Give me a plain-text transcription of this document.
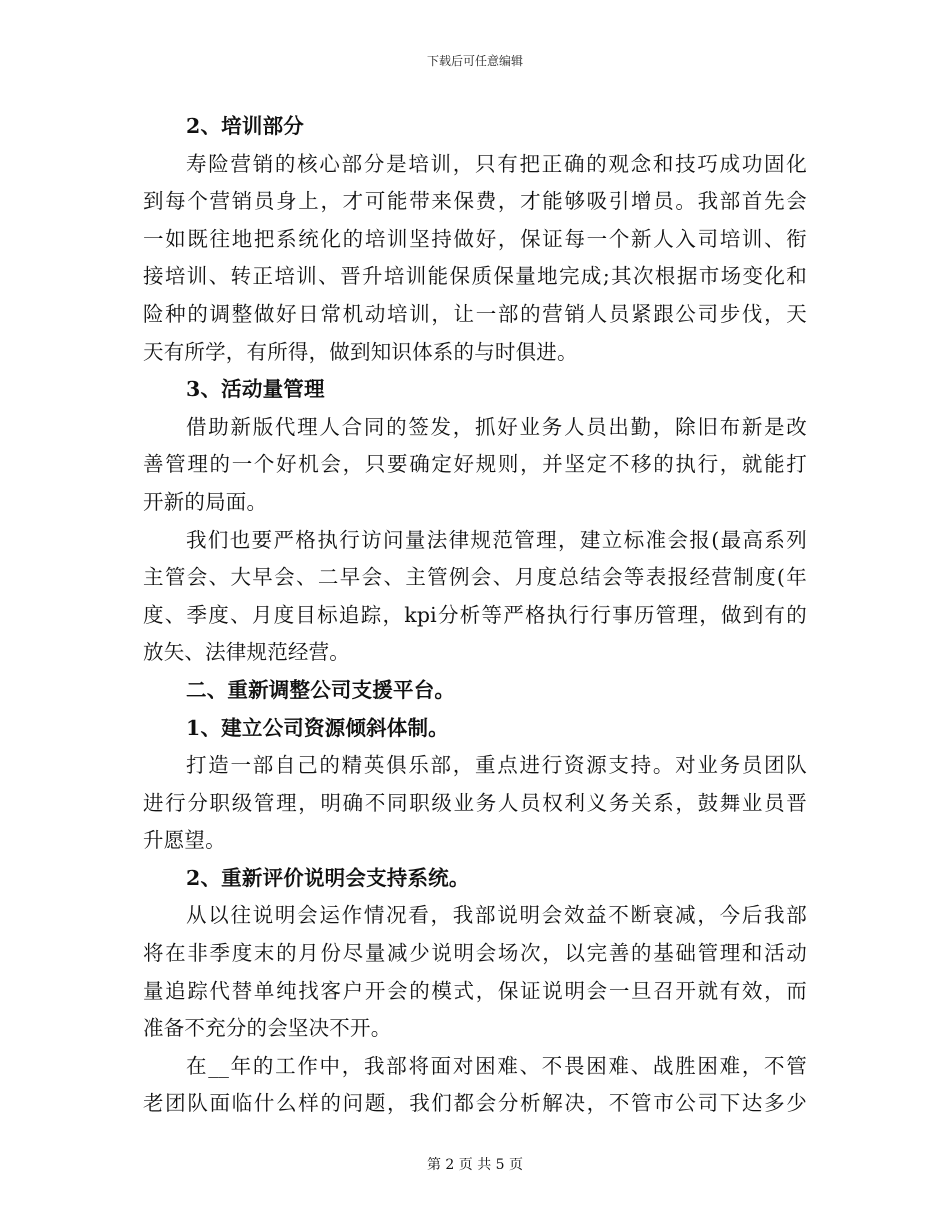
下载后可任意编辑
2、培训部分
寿险营销的核心部分是培训，只有把正确的观念和技巧成功固化
到每个营销员身上，才可能带来保费，才能够吸引增员。我部首先会
一如既往地把系统化的培训坚持做好，保证每一个新人入司培训、衔
接培训、转正培训、晋升培训能保质保量地完成;其次根据市场变化和
险种的调整做好日常机动培训，让一部的营销人员紧跟公司步伐，天
天有所学，有所得，做到知识体系的与时俱进。
3、活动量管理
借助新版代理人合同的签发，抓好业务人员出勤，除旧布新是改
善管理的一个好机会，只要确定好规则，并坚定不移的执行，就能打
开新的局面。
我们也要严格执行访问量法律规范管理，建立标准会报(最高系列
主管会、大早会、二早会、主管例会、月度总结会等表报经营制度(年
度、季度、月度目标追踪，kpi分析等严格执行行事历管理，做到有的
放矢、法律规范经营。
二、重新调整公司支援平台。
1、建立公司资源倾斜体制。
打造一部自己的精英俱乐部，重点进行资源支持。对业务员团队
进行分职级管理，明确不同职级业务人员权利义务关系，鼓舞业员晋
升愿望。
2、重新评价说明会支持系统。
从以往说明会运作情况看，我部说明会效益不断衰减，今后我部
将在非季度末的月份尽量减少说明会场次，以完善的基础管理和活动
量追踪代替单纯找客户开会的模式，保证说明会一旦召开就有效，而
准备不充分的会坚决不开。
在__年的工作中，我部将面对困难、不畏困难、战胜困难，不管
老团队面临什么样的问题，我们都会分析解决，不管市公司下达多少
第 2 页 共 5 页
